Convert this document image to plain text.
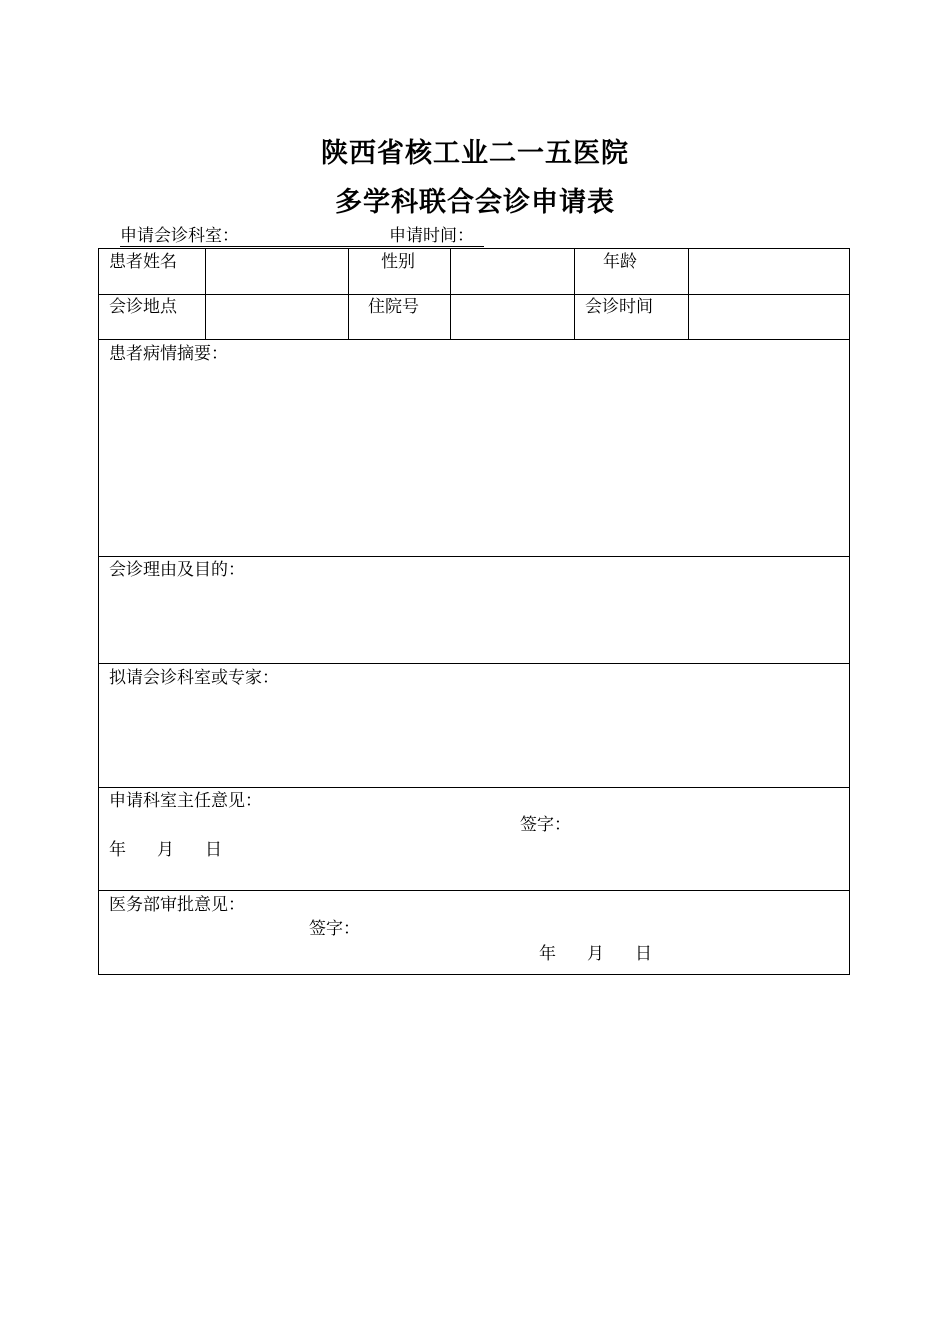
陕西省核工业二一五医院
多学科联合会诊申请表
申请会诊科室：	申请时间：
患者姓名	性别	年龄
会诊地点	住院号	会诊时间
患者病情摘要：
会诊理由及目的：
拟请会诊科室或专家：
申请科室主任意见：
签字：
年 月 日
医务部审批意见：
签字：
年 月 日
